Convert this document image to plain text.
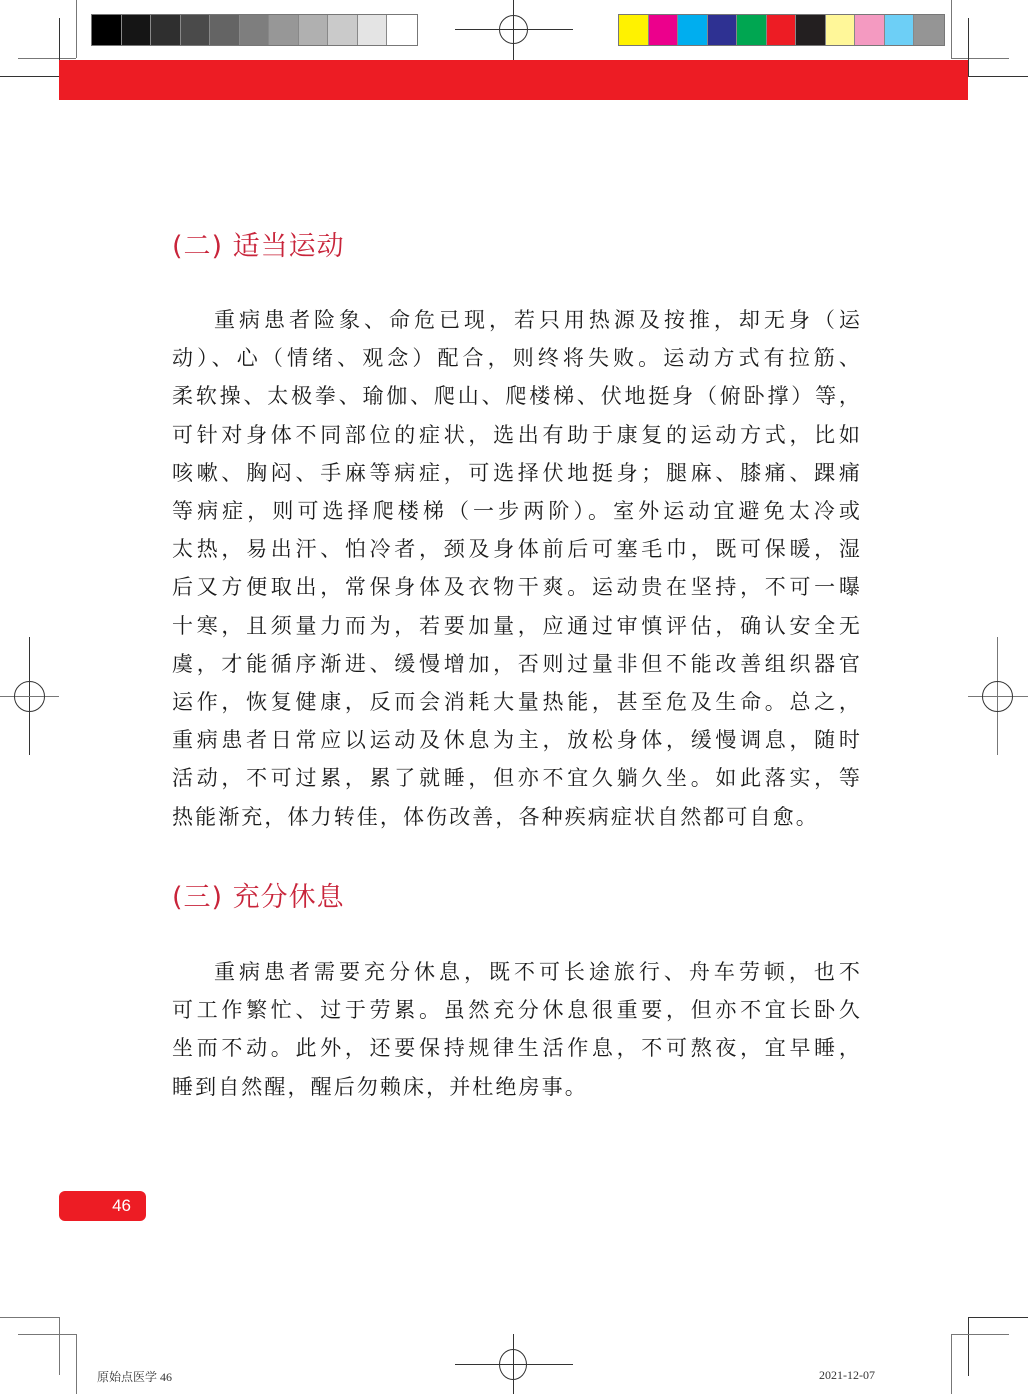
(二) 适当运动
重病患者险象、命危已现，若只用热源及按推，却无身（运
动）、心（情绪、观念）配合，则终将失败。运动方式有拉筋、
柔软操、太极拳、瑜伽、爬山、爬楼梯、伏地挺身（俯卧撑）等，
可针对身体不同部位的症状，选出有助于康复的运动方式，比如
咳嗽、胸闷、手麻等病症，可选择伏地挺身；腿麻、膝痛、踝痛
等病症，则可选择爬楼梯（一步两阶）。室外运动宜避免太冷或
太热，易出汗、怕冷者，颈及身体前后可塞毛巾，既可保暖，湿
后又方便取出，常保身体及衣物干爽。运动贵在坚持，不可一曝
十寒，且须量力而为，若要加量，应通过审慎评估，确认安全无
虞，才能循序渐进、缓慢增加，否则过量非但不能改善组织器官
运作，恢复健康，反而会消耗大量热能，甚至危及生命。总之，
重病患者日常应以运动及休息为主，放松身体，缓慢调息，随时
活动，不可过累，累了就睡，但亦不宜久躺久坐。如此落实，等
热能渐充，体力转佳，体伤改善，各种疾病症状自然都可自愈。
(三) 充分休息
重病患者需要充分休息，既不可长途旅行、舟车劳顿，也不
可工作繁忙、过于劳累。虽然充分休息很重要，但亦不宜长卧久
坐而不动。此外，还要保持规律生活作息，不可熬夜，宜早睡，
睡到自然醒，醒后勿赖床，并杜绝房事。
46
原始点医学 46	2021-12-07
